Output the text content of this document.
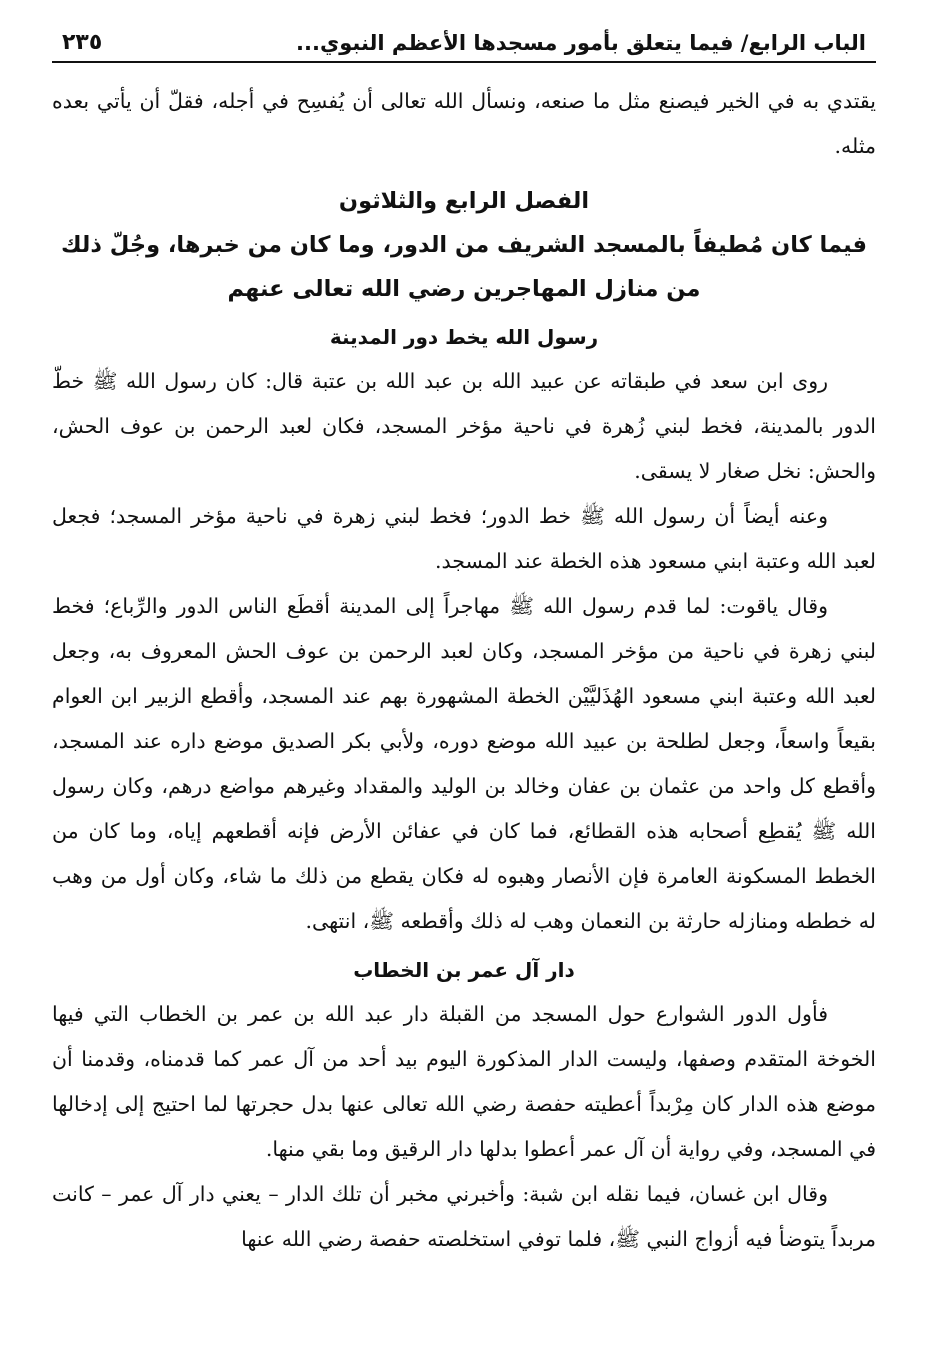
الباب الرابع/ فيما يتعلق بأمور مسجدها الأعظم النبوي...
٢٣٥

يقتدي به في الخير فيصنع مثل ما صنعه، ونسأل الله تعالى أن يُفسِح في أجله، فقلّ أن يأتي بعده مثله.

الفصل الرابع والثلاثون
فيما كان مُطيفاً بالمسجد الشريف من الدور، وما كان من خبرها، وجُلّ ذلك
من منازل المهاجرين رضي الله تعالى عنهم
رسول الله يخط دور المدينة

روى ابن سعد في طبقاته عن عبيد الله بن عبد الله بن عتبة قال: كان رسول الله ﷺ خطّ الدور بالمدينة، فخط لبني زُهرة في ناحية مؤخر المسجد، فكان لعبد الرحمن بن عوف الحش، والحش: نخل صغار لا يسقى.

وعنه أيضاً أن رسول الله ﷺ خط الدور؛ فخط لبني زهرة في ناحية مؤخر المسجد؛ فجعل لعبد الله وعتبة ابني مسعود هذه الخطة عند المسجد.

وقال ياقوت: لما قدم رسول الله ﷺ مهاجراً إلى المدينة أقطَع الناس الدور والرِّباع؛ فخط لبني زهرة في ناحية من مؤخر المسجد، وكان لعبد الرحمن بن عوف الحش المعروف به، وجعل لعبد الله وعتبة ابني مسعود الهُذَليَّيْن الخطة المشهورة بهم عند المسجد، وأقطع الزبير ابن العوام بقيعاً واسعاً، وجعل لطلحة بن عبيد الله موضع دوره، ولأبي بكر الصديق موضع داره عند المسجد، وأقطع كل واحد من عثمان بن عفان وخالد بن الوليد والمقداد وغيرهم مواضع درهم، وكان رسول الله ﷺ يُقطِع أصحابه هذه القطائع، فما كان في عفائن الأرض فإنه أقطعهم إياه، وما كان من الخطط المسكونة العامرة فإن الأنصار وهبوه له فكان يقطع من ذلك ما شاء، وكان أول من وهب له خططه ومنازله حارثة بن النعمان وهب له ذلك وأقطعه ﷺ، انتهى.

دار آل عمر بن الخطاب

فأول الدور الشوارع حول المسجد من القبلة دار عبد الله بن عمر بن الخطاب التي فيها الخوخة المتقدم وصفها، وليست الدار المذكورة اليوم بيد أحد من آل عمر كما قدمناه، وقدمنا أن موضع هذه الدار كان مِرْبداً أعطيته حفصة رضي الله تعالى عنها بدل حجرتها لما احتيج إلى إدخالها في المسجد، وفي رواية أن آل عمر أعطوا بدلها دار الرقيق وما بقي منها.

وقال ابن غسان، فيما نقله ابن شبة: وأخبرني مخبر أن تلك الدار – يعني دار آل عمر – كانت مربداً يتوضأ فيه أزواج النبي ﷺ، فلما توفي استخلصته حفصة رضي الله عنها
